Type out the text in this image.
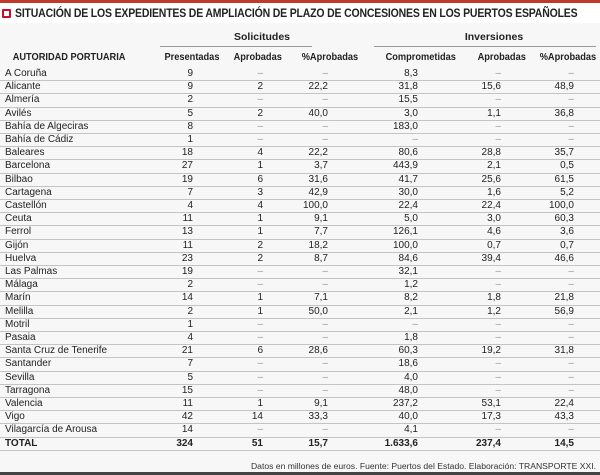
SITUACIÓN DE LOS EXPEDIENTES DE AMPLIACIÓN DE PLAZO DE CONCESIONES EN LOS PUERTOS ESPAÑOLES
Solicitudes	Inversiones
AUTORIDAD PORTUARIA	Presentadas	Aprobadas	%Aprobadas	Comprometidas	Aprobadas	%Aprobadas
A Coruña	9	–	–	8,3	–	–	
Alicante	9	2	22,2	31,8	15,6	48,9	
Almería	2	–	–	15,5	–	–	
Avilés	5	2	40,0	3,0	1,1	36,8	
Bahía de Algeciras	8	–	–	183,0	–	–	
Bahía de Cádiz	1	–	–	–	–	–	
Baleares	18	4	22,2	80,6	28,8	35,7	
Barcelona	27	1	3,7	443,9	2,1	0,5	
Bilbao	19	6	31,6	41,7	25,6	61,5	
Cartagena	7	3	42,9	30,0	1,6	5,2	
Castellón	4	4	100,0	22,4	22,4	100,0	
Ceuta	11	1	9,1	5,0	3,0	60,3	
Ferrol	13	1	7,7	126,1	4,6	3,6	
Gijón	11	2	18,2	100,0	0,7	0,7	
Huelva	23	2	8,7	84,6	39,4	46,6	
Las Palmas	19	–	–	32,1	–	–	
Málaga	2	–	–	1,2	–	–	
Marín	14	1	7,1	8,2	1,8	21,8	
Melilla	2	1	50,0	2,1	1,2	56,9	
Motril	1	–	–	–	–	–	
Pasaia	4	–	–	1,8	–	–	
Santa Cruz de Tenerife	21	6	28,6	60,3	19,2	31,8	
Santander	7	–	–	18,6	–	–	
Sevilla	5	–	–	4,0	–	–	
Tarragona	15	–	–	48,0	–	–	
Valencia	11	1	9,1	237,2	53,1	22,4	
Vigo	42	14	33,3	40,0	17,3	43,3	
Vilagarcía de Arousa	14	–	–	4,1	–	–	
TOTAL	324	51	15,7	1.633,6	237,4	14,5	
Datos en millones de euros. Fuente: Puertos del Estado. Elaboración: TRANSPORTE XXI.
